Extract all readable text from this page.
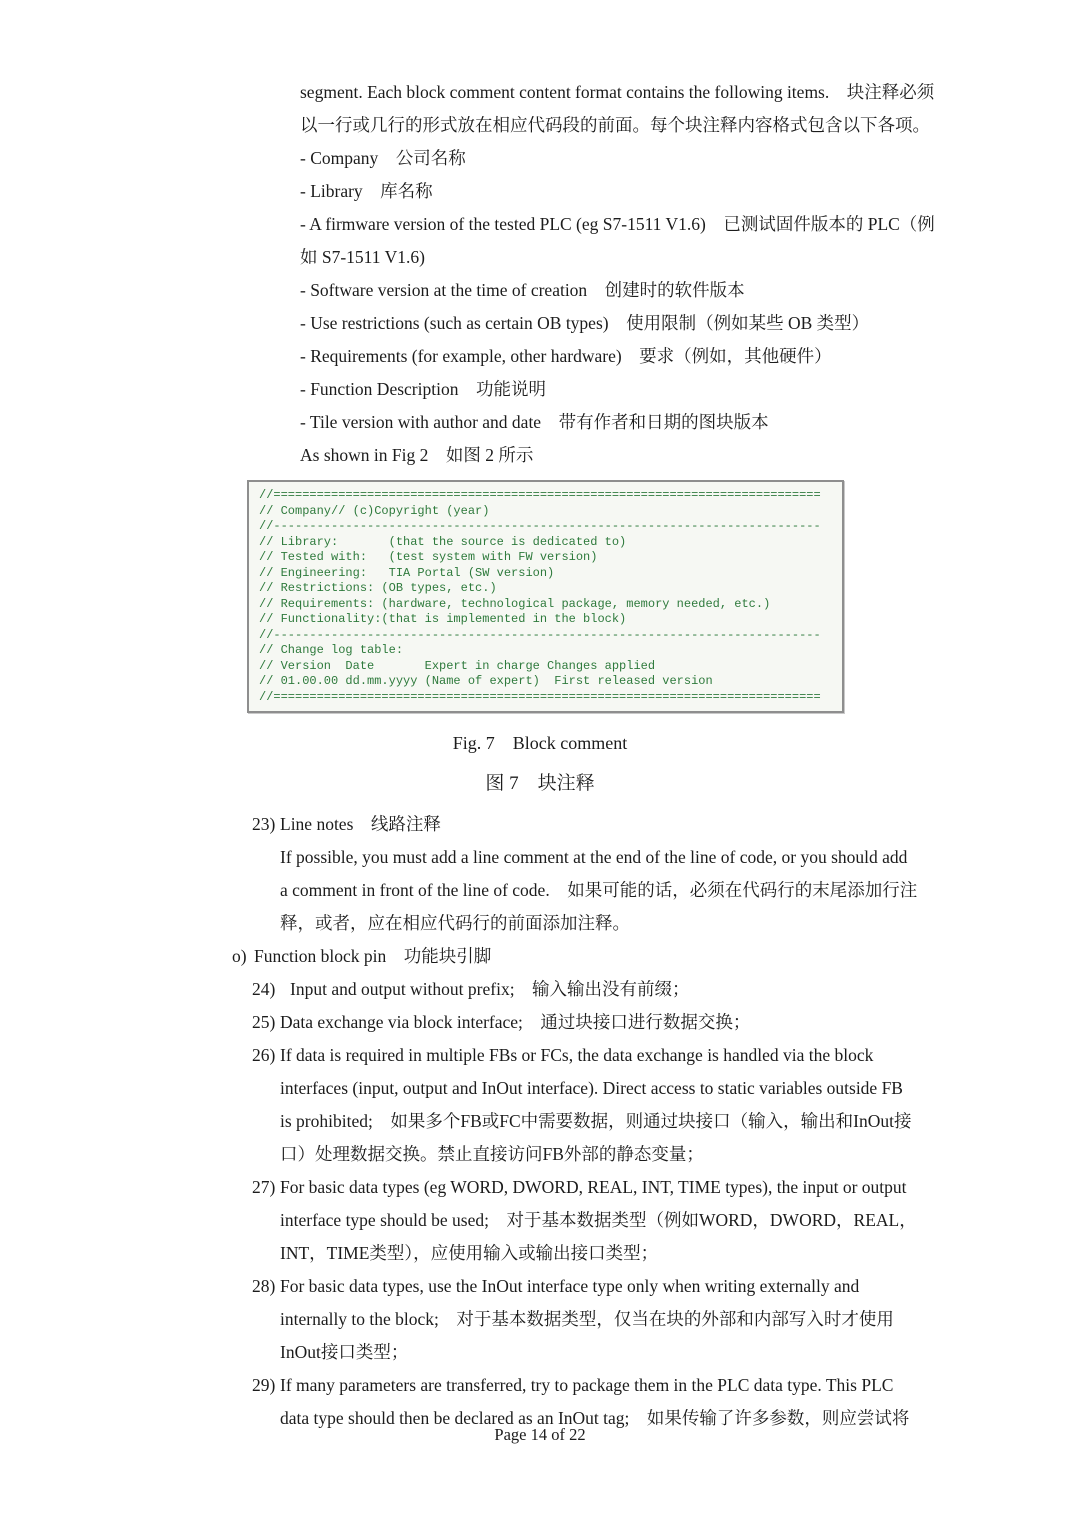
segment. Each block comment content format contains the following items.　块注释必须
以一行或几行的形式放在相应代码段的前面。每个块注释内容格式包含以下各项。
- Company　公司名称
- Library　库名称
- A firmware version of the tested PLC (eg S7-1511 V1.6)　已测试固件版本的 PLC（例
如 S7-1511 V1.6)
- Software version at the time of creation　创建时的软件版本
- Use restrictions (such as certain OB types)　使用限制（例如某些 OB 类型）
- Requirements (for example, other hardware)　要求（例如，其他硬件）
- Function Description　功能说明
- Tile version with author and date　带有作者和日期的图块版本
As shown in Fig 2　如图 2 所示
//============================================================================
// Company// (c)Copyright (year)
//----------------------------------------------------------------------------
// Library:       (that the source is dedicated to)
// Tested with:   (test system with FW version)
// Engineering:   TIA Portal (SW version)
// Restrictions: (OB types, etc.)
// Requirements: (hardware, technological package, memory needed, etc.)
// Functionality:(that is implemented in the block)
//----------------------------------------------------------------------------
// Change log table:
// Version  Date       Expert in charge Changes applied
// 01.00.00 dd.mm.yyyy (Name of expert)  First released version
//============================================================================
Fig. 7    Block comment
图 7　块注释
23) Line notes　线路注释
If possible, you must add a line comment at the end of the line of code, or you should add
a comment in front of the line of code.　如果可能的话，必须在代码行的末尾添加行注
释，或者，应在相应代码行的前面添加注释。
o) Function block pin　功能块引脚
24) Input and output without prefix;　输入输出没有前缀；
25) Data exchange via block interface;　通过块接口进行数据交换；
26) If data is required in multiple FBs or FCs, the data exchange is handled via the block
interfaces (input, output and InOut interface). Direct access to static variables outside FB
is prohibited;　如果多个FB或FC中需要数据，则通过块接口（输入，输出和InOut接
口）处理数据交换。禁止直接访问FB外部的静态变量；
27) For basic data types (eg WORD, DWORD, REAL, INT, TIME types), the input or output
interface type should be used;　对于基本数据类型（例如WORD，DWORD，REAL，
INT，TIME类型），应使用输入或输出接口类型；
28) For basic data types, use the InOut interface type only when writing externally and
internally to the block;　对于基本数据类型，仅当在块的外部和内部写入时才使用
InOut接口类型；
29) If many parameters are transferred, try to package them in the PLC data type. This PLC
data type should then be declared as an InOut tag;　如果传输了许多参数，则应尝试将
Page 14 of 22
